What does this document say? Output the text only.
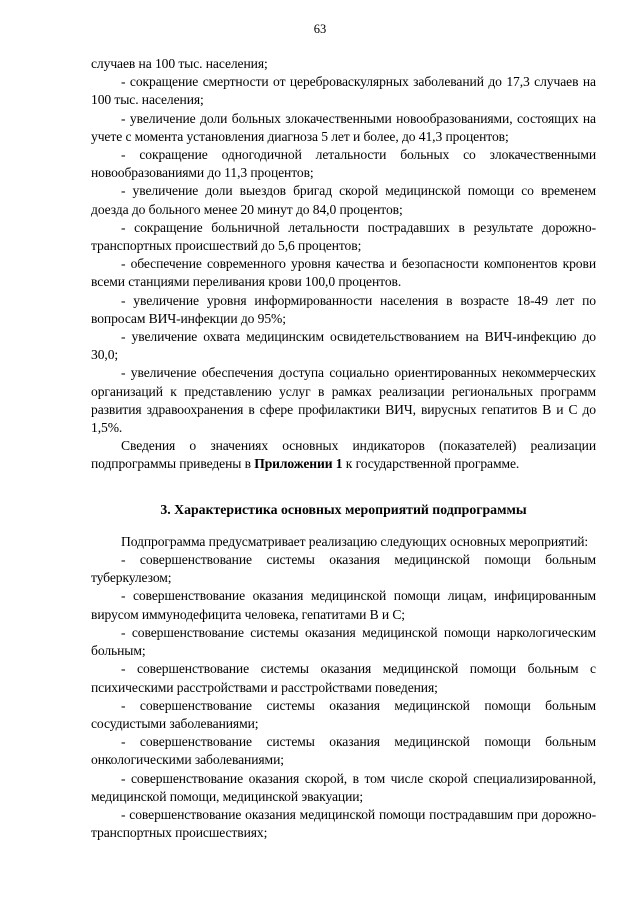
63

случаев на 100 тыс. населения;

- сокращение смертности от цереброваскулярных заболеваний до 17,3 случаев на 100 тыс. населения;

- увеличение доли больных злокачественными новообразованиями, состоящих на учете с момента установления диагноза 5 лет и более, до 41,3 процентов;

- сокращение одногодичной летальности больных со злокачественными новообразованиями до 11,3 процентов;

- увеличение доли выездов бригад скорой медицинской помощи со временем доезда до больного менее 20 минут до 84,0 процентов;

- сокращение больничной летальности пострадавших в результате дорожно-транспортных происшествий до 5,6 процентов;

- обеспечение современного уровня качества и безопасности компонентов крови всеми станциями переливания крови 100,0 процентов.

- увеличение уровня информированности населения в возрасте 18-49 лет по вопросам ВИЧ-инфекции до 95%;

- увеличение охвата медицинским освидетельствованием на ВИЧ-инфекцию до 30,0;

- увеличение обеспечения доступа социально ориентированных некоммерческих организаций к представлению услуг в рамках реализации региональных программ развития здравоохранения в сфере профилактики ВИЧ, вирусных гепатитов B и C до 1,5%.

Сведения о значениях основных индикаторов (показателей) реализации подпрограммы приведены в Приложении 1 к государственной программе.

3. Характеристика основных мероприятий подпрограммы

Подпрограмма предусматривает реализацию следующих основных мероприятий:

- совершенствование системы оказания медицинской помощи больным туберкулезом;

- совершенствование оказания медицинской помощи лицам, инфицированным вирусом иммунодефицита человека, гепатитами B и C;

- совершенствование системы оказания медицинской помощи наркологическим больным;

- совершенствование системы оказания медицинской помощи больным с психическими расстройствами и расстройствами поведения;

- совершенствование системы оказания медицинской помощи больным сосудистыми заболеваниями;

- совершенствование системы оказания медицинской помощи больным онкологическими заболеваниями;

- совершенствование оказания скорой, в том числе скорой специализированной, медицинской помощи, медицинской эвакуации;

- совершенствование оказания медицинской помощи пострадавшим при дорожно-транспортных происшествиях;
